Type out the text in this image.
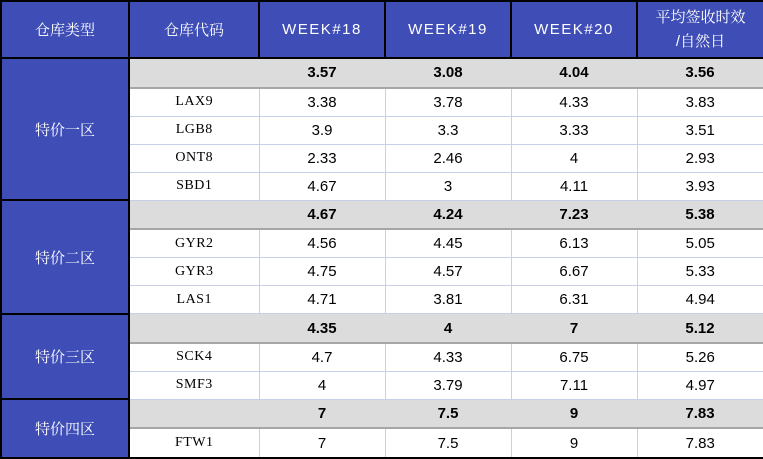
仓库类型	仓库代码	WEEK#18	WEEK#19	WEEK#20	平均签收时效
/自然日

特价一区		3.57	3.08	4.04	3.56
	LAX9	3.38	3.78	4.33	3.83
	LGB8	3.9	3.3	3.33	3.51
	ONT8	2.33	2.46	4	2.93
	SBD1	4.67	3	4.11	3.93
特价二区		4.67	4.24	7.23	5.38
	GYR2	4.56	4.45	6.13	5.05
	GYR3	4.75	4.57	6.67	5.33
	LAS1	4.71	3.81	6.31	4.94
特价三区		4.35	4	7	5.12
	SCK4	4.7	4.33	6.75	5.26
	SMF3	4	3.79	7.11	4.97
特价四区		7	7.5	9	7.83
	FTW1	7	7.5	9	7.83
